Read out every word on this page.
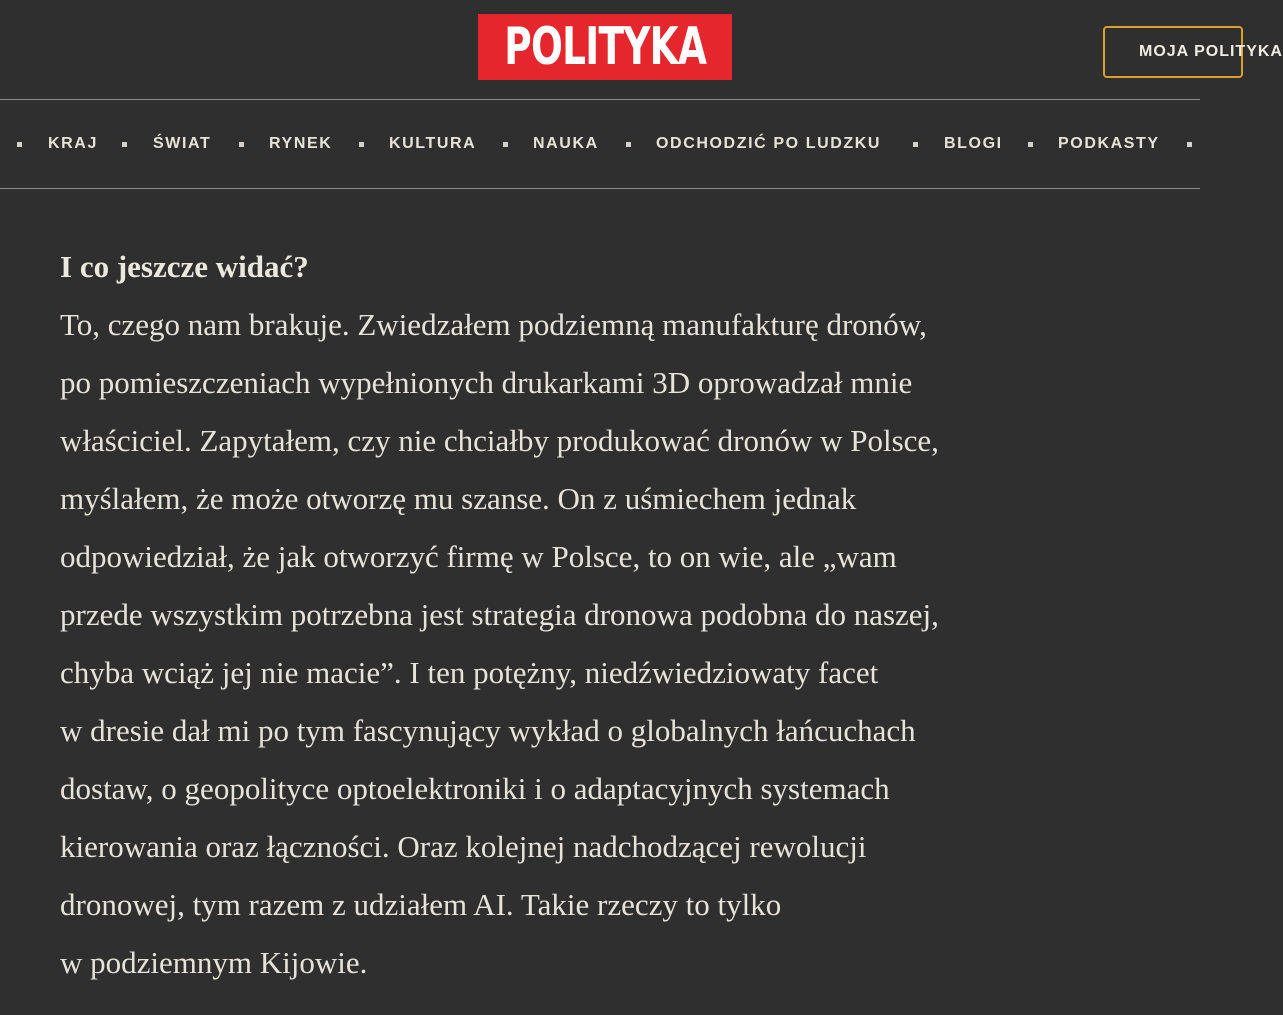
POLITYKA	MOJA POLITYKA
KRAJ	ŚWIAT	RYNEK	KULTURA	NAUKA	ODCHODZIĆ PO LUDZKU	BLOGI	PODKASTY

I co jeszcze widać?

To, czego nam brakuje. Zwiedzałem podziemną manufakturę dronów,

po pomieszczeniach wypełnionych drukarkami 3D oprowadzał mnie

właściciel. Zapytałem, czy nie chciałby produkować dronów w Polsce,

myślałem, że może otworzę mu szanse. On z uśmiechem jednak

odpowiedział, że jak otworzyć firmę w Polsce, to on wie, ale „wam

przede wszystkim potrzebna jest strategia dronowa podobna do naszej,

chyba wciąż jej nie macie”. I ten potężny, niedźwiedziowaty facet

w dresie dał mi po tym fascynujący wykład o globalnych łańcuchach

dostaw, o geopolityce optoelektroniki i o adaptacyjnych systemach

kierowania oraz łączności. Oraz kolejnej nadchodzącej rewolucji

dronowej, tym razem z udziałem AI. Takie rzeczy to tylko

w podziemnym Kijowie.
